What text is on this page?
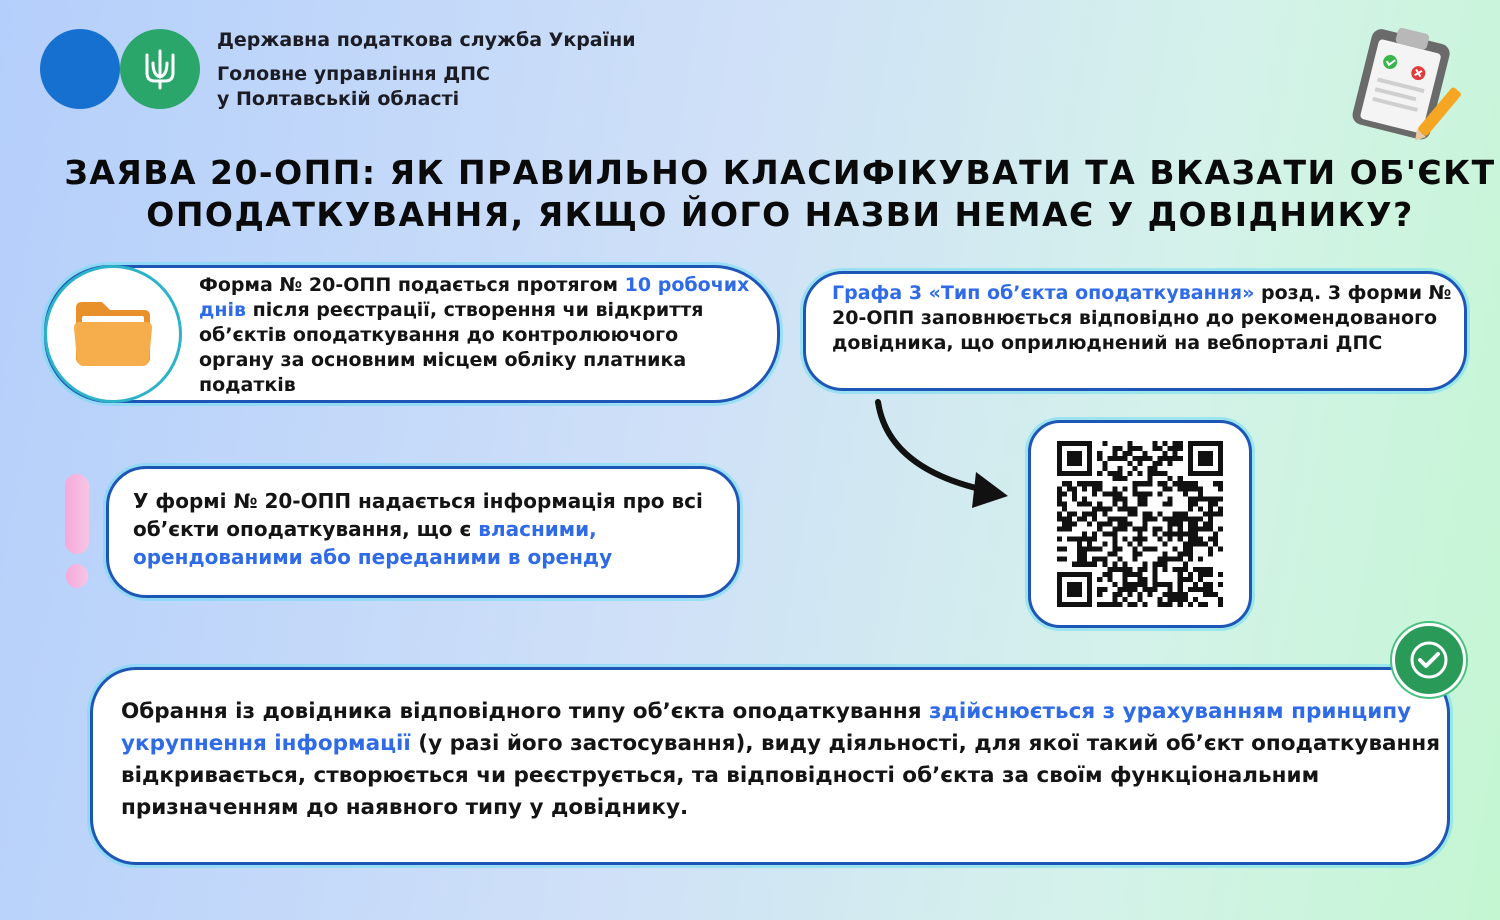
Державна податкова служба України
Головне управління ДПС
у Полтавській області
ЗАЯВА 20-ОПП: ЯК ПРАВИЛЬНО КЛАСИФІКУВАТИ ТА ВКАЗАТИ ОБ'ЄКТ
ОПОДАТКУВАННЯ, ЯКЩО ЙОГО НАЗВИ НЕМАЄ У ДОВІДНИКУ?
Форма № 20-ОПП подається протягом 10 робочих днів після реєстрації, створення чи відкриття об’єктів оподаткування до контролюючого органу за основним місцем обліку платника податків
Графа 3 «Тип об’єкта оподаткування» розд. 3 форми № 20-ОПП заповнюється відповідно до рекомендованого довідника, що оприлюднений на вебпорталі ДПС
У формі № 20-ОПП надається інформація про всі об’єкти оподаткування, що є власними, орендованими або переданими в оренду
Обрання із довідника відповідного типу об’єкта оподаткування здійснюється з урахуванням принципу укрупнення інформації (у разі його застосування), виду діяльності, для якої такий об’єкт оподаткування відкривається, створюється чи реєструється, та відповідності об’єкта за своїм функціональним призначенням до наявного типу у довіднику.
